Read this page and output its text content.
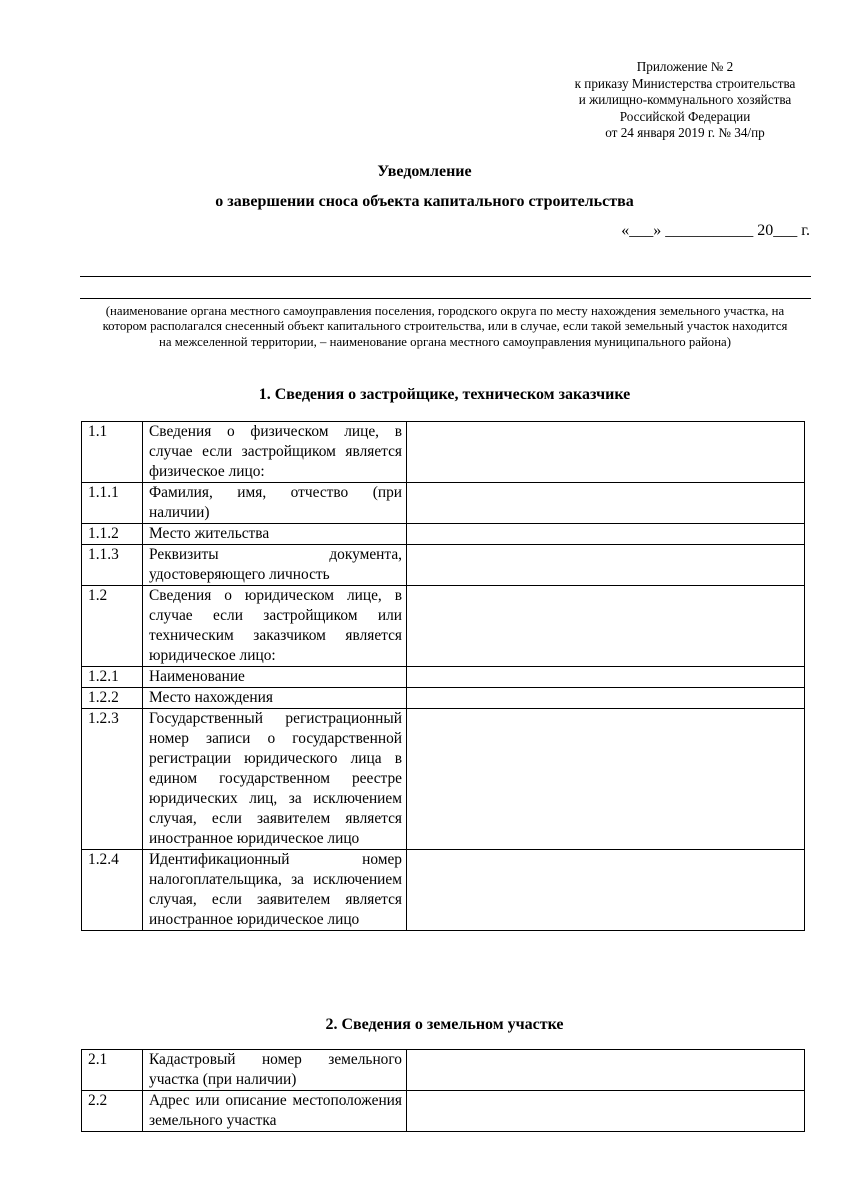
Приложение № 2
к приказу Министерства строительства
и жилищно-коммунального хозяйства
Российской Федерации
от 24 января 2019 г. № 34/пр
Уведомление
о завершении сноса объекта капитального строительства
«___» ___________ 20___ г.
(наименование органа местного самоуправления поселения, городского округа по месту нахождения земельного участка, на котором располагался снесенный объект капитального строительства, или в случае, если такой земельный участок находится на межселенной территории, – наименование органа местного самоуправления муниципального района)
1. Сведения о застройщике, техническом заказчике
1.1	Сведения о физическом лице, в случае если застройщиком является физическое лицо:	
1.1.1	Фамилия, имя, отчество (при наличии)	
1.1.2	Место жительства	
1.1.3	Реквизиты документа, удостоверяющего личность	
1.2	Сведения о юридическом лице, в случае если застройщиком или техническим заказчиком является юридическое лицо:	
1.2.1	Наименование	
1.2.2	Место нахождения	
1.2.3	Государственный регистрационный номер записи о государственной регистрации юридического лица в едином государственном реестре юридических лиц, за исключением случая, если заявителем является иностранное юридическое лицо	
1.2.4	Идентификационный номер налогоплательщика, за исключением случая, если заявителем является иностранное юридическое лицо	
2. Сведения о земельном участке
2.1	Кадастровый номер земельного участка (при наличии)	
2.2	Адрес или описание местоположения земельного участка	
